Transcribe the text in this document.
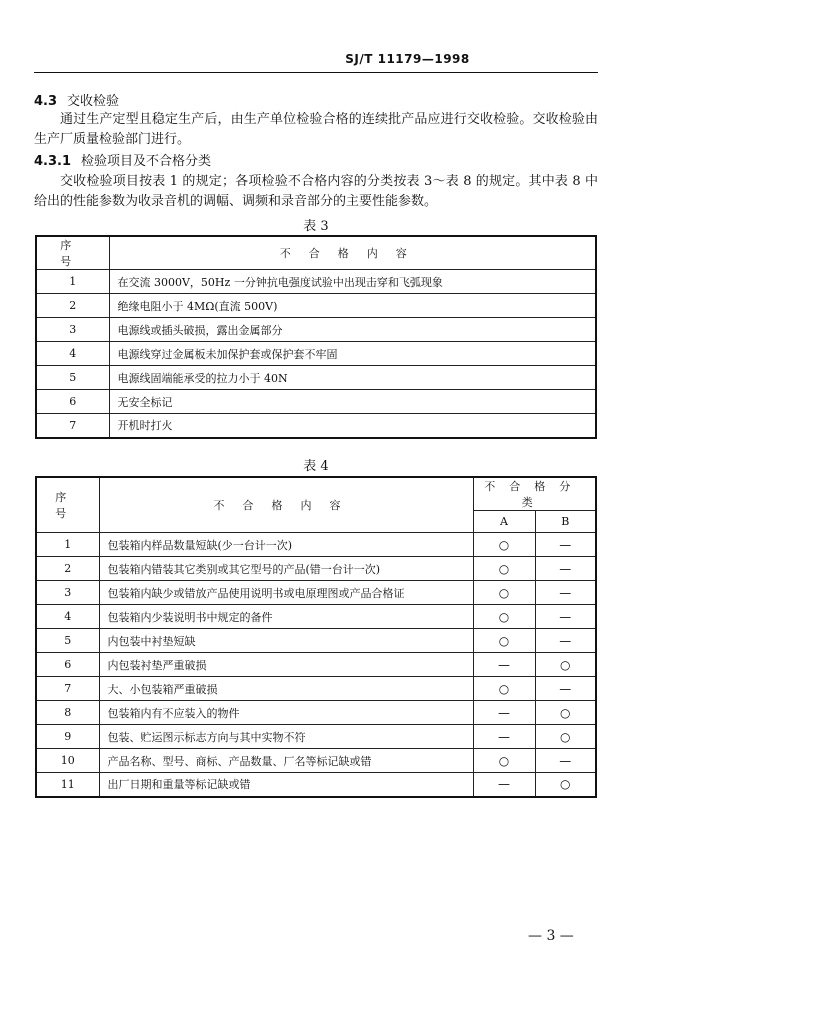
SJ/T 11179—1998
4.3 交收检验
通过生产定型且稳定生产后，由生产单位检验合格的连续批产品应进行交收检验。交收检验由生产厂质量检验部门进行。
4.3.1 检验项目及不合格分类
交收检验项目按表 1 的规定；各项检验不合格内容的分类按表 3～表 8 的规定。其中表 8 中给出的性能参数为收录音机的调幅、调频和录音部分的主要性能参数。
表 3
序　号	不合格内容
1	在交流 3000V，50Hz 一分钟抗电强度试验中出现击穿和飞弧现象
2	绝缘电阻小于 4MΩ(直流 500V)
3	电源线或插头破损，露出金属部分
4	电源线穿过金属板未加保护套或保护套不牢固
5	电源线固端能承受的拉力小于 40N
6	无安全标记
7	开机时打火
表 4
序　号	不合格内容	不合格分类	
		A	B
1	包装箱内样品数量短缺(少一台计一次)	○	—
2	包装箱内错装其它类别或其它型号的产品(错一台计一次)	○	—
3	包装箱内缺少或错放产品使用说明书或电原理图或产品合格证	○	—
4	包装箱内少装说明书中规定的备件	○	—
5	内包装中衬垫短缺	○	—
6	内包装衬垫严重破损	—	○
7	大、小包装箱严重破损	○	—
8	包装箱内有不应装入的物件	—	○
9	包装、贮运图示标志方向与其中实物不符	—	○
10	产品名称、型号、商标、产品数量、厂名等标记缺或错	○	—
11	出厂日期和重量等标记缺或错	—	○
— 3 —
